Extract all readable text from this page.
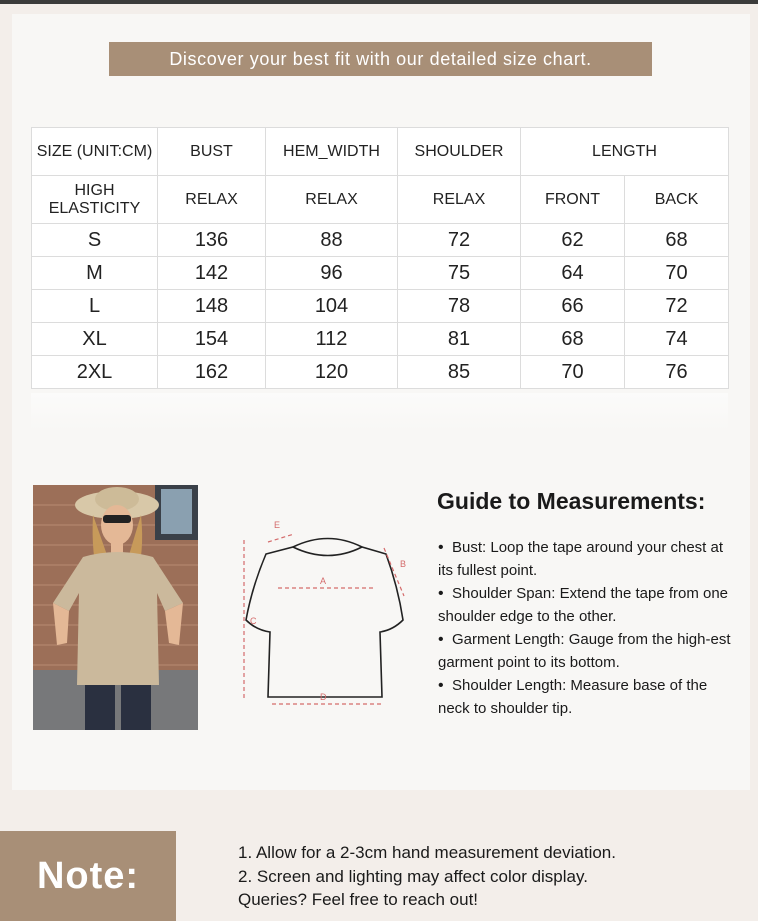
Discover your best fit with our detailed size chart.
SIZE (UNIT:CM)	BUST	HEM_WIDTH	SHOULDER	LENGTH	
HIGH ELASTICITY	RELAX	RELAX	RELAX	FRONT	BACK
S	136	88	72	62	68
M	142	96	75	64	70
L	148	104	78	66	72
XL	154	112	81	68	74
2XL	162	120	85	70	76
A
B
C
D
E
Guide to Measurements:
• Bust: Loop the tape around your chest at its fullest point.
• Shoulder Span: Extend the tape from one shoulder edge to the other.
• Garment Length: Gauge from the high-est garment point to its bottom.
• Shoulder Length: Measure base of the neck to shoulder tip.
Note:
1. Allow for a 2-3cm hand measurement deviation.
2. Screen and lighting may affect color display.
Queries? Feel free to reach out!
